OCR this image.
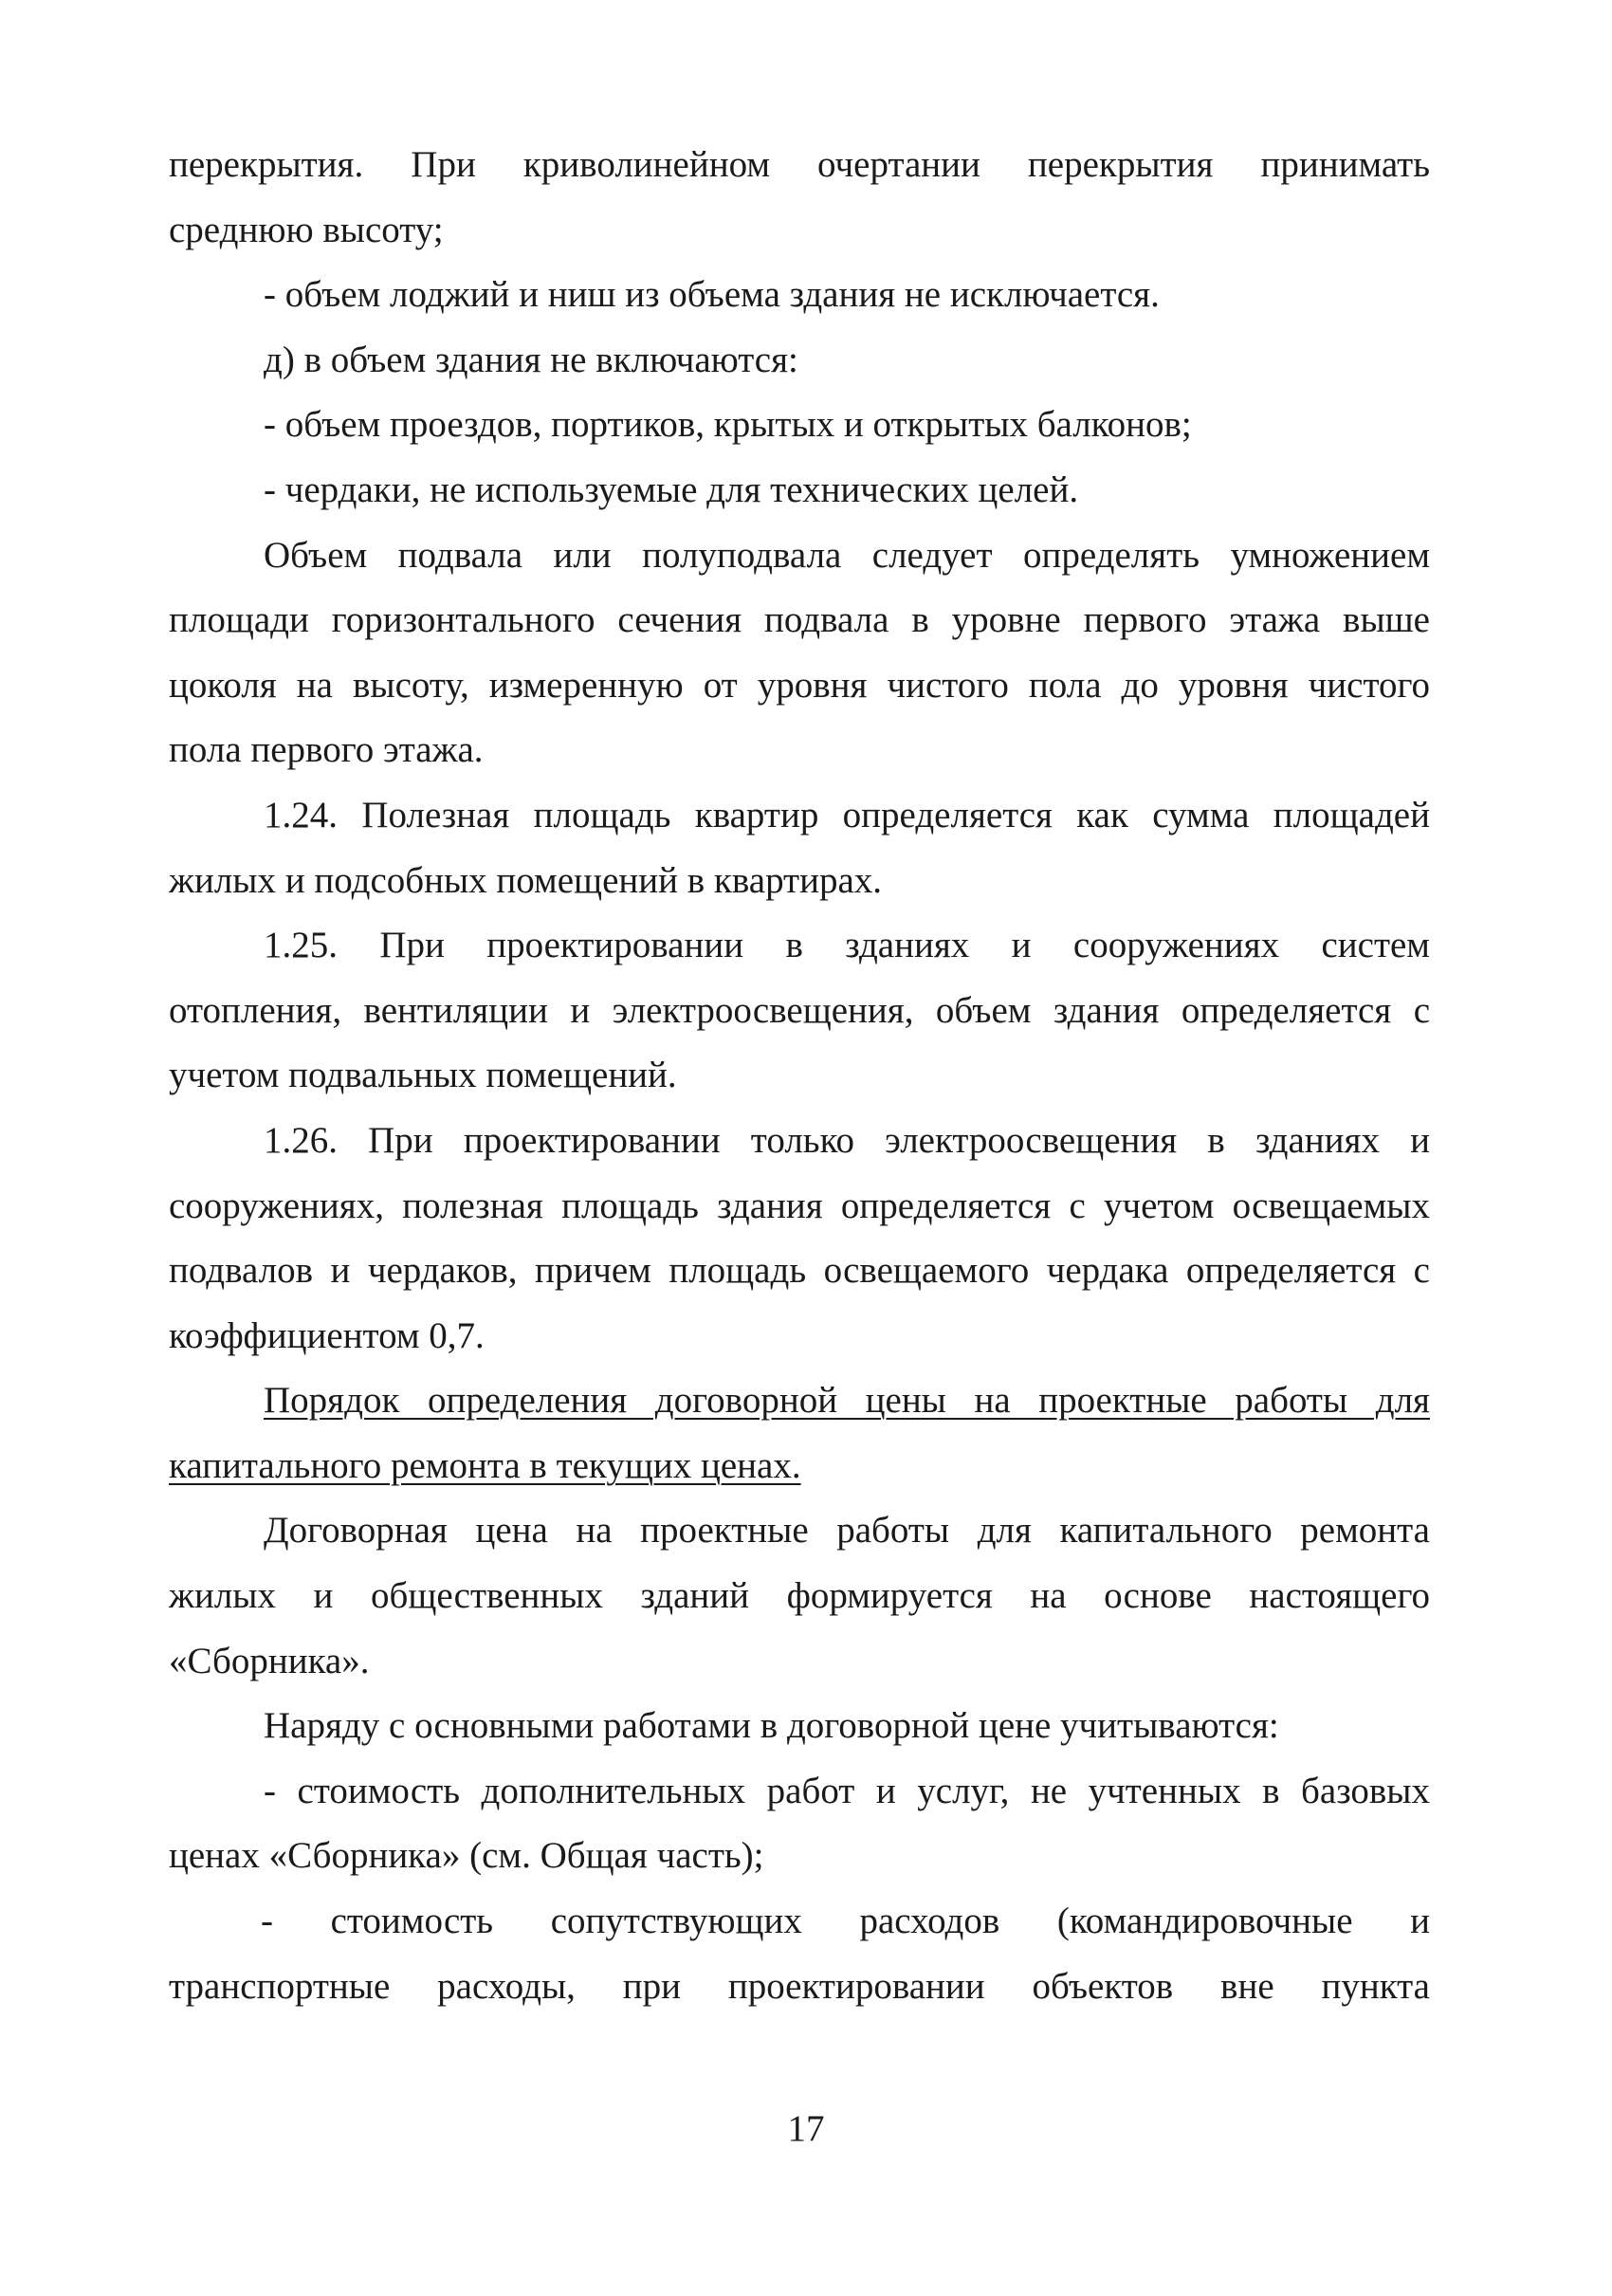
перекрытия. При криволинейном очертании перекрытия принимать
среднюю высоту;
- объем лоджий и ниш из объема здания не исключается.
д) в объем здания не включаются:
- объем проездов, портиков, крытых и открытых балконов;
- чердаки, не используемые для технических целей.
Объем подвала или полуподвала следует определять умножением
площади горизонтального сечения подвала в уровне первого этажа выше
цоколя на высоту, измеренную от уровня чистого пола до уровня чистого
пола первого этажа.
1.24. Полезная площадь квартир определяется как сумма площадей
жилых и подсобных помещений в квартирах.
1.25. При проектировании в зданиях и сооружениях систем
отопления, вентиляции и электроосвещения, объем здания определяется с
учетом подвальных помещений.
1.26. При проектировании только электроосвещения в зданиях и
сооружениях, полезная площадь здания определяется с учетом освещаемых
подвалов и чердаков, причем площадь освещаемого чердака определяется с
коэффициентом 0,7.
Порядок определения договорной цены на проектные работы для
капитального ремонта в текущих ценах.
Договорная цена на проектные работы для капитального ремонта
жилых и общественных зданий формируется на основе настоящего
«Сборника».
Наряду с основными работами в договорной цене учитываются:
- стоимость дополнительных работ и услуг, не учтенных в базовых
ценах «Сборника» (см. Общая часть);
- стоимость сопутствующих расходов (командировочные и
транспортные расходы, при проектировании объектов вне пункта
17
